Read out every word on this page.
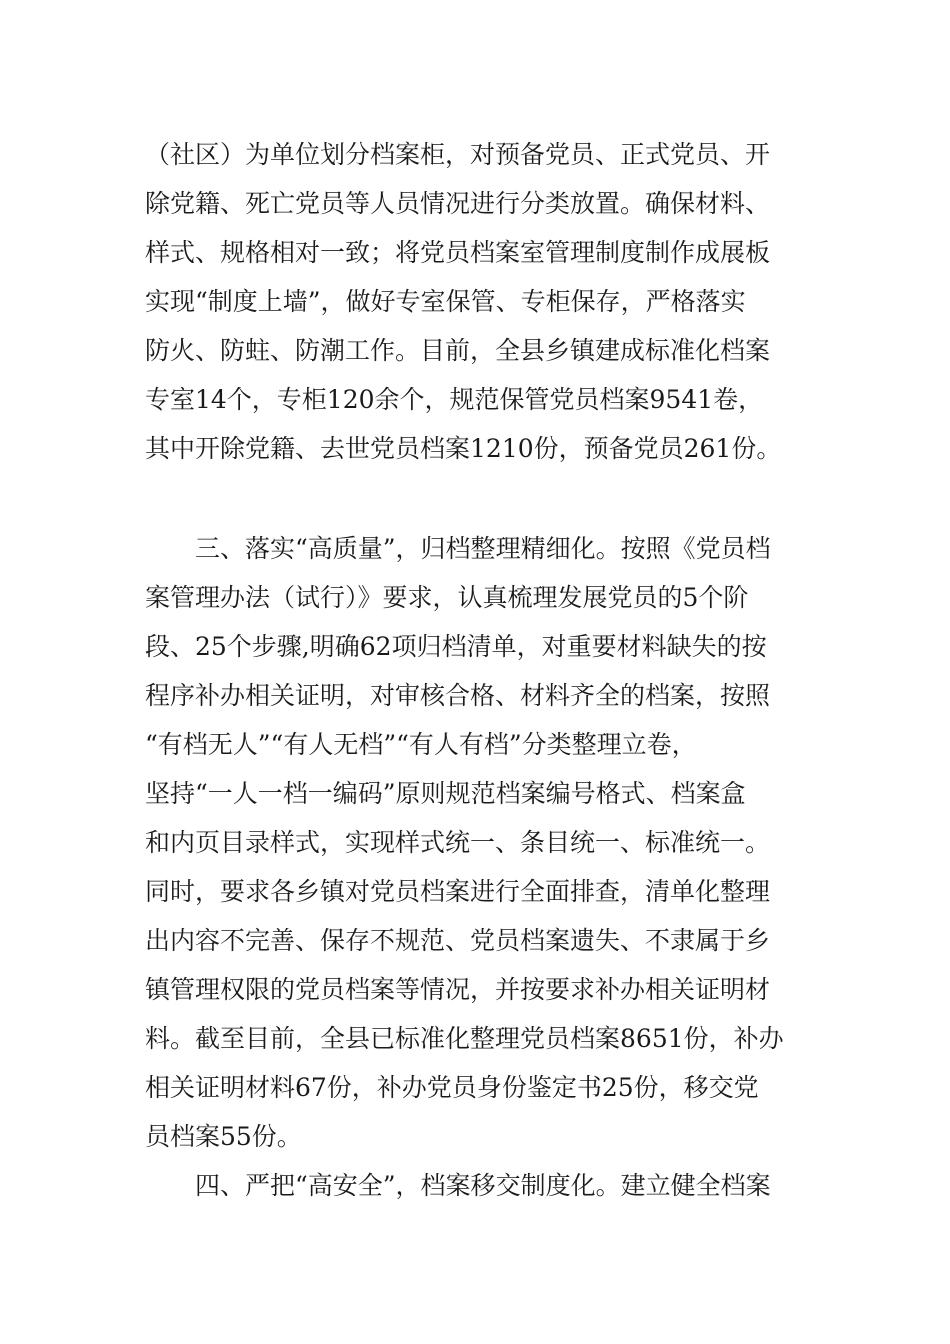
（社区）为单位划分档案柜，对预备党员、正式党员、开
除党籍、死亡党员等人员情况进行分类放置。确保材料、
样式、规格相对一致；将党员档案室管理制度制作成展板
实现“制度上墙”，做好专室保管、专柜保存，严格落实
防火、防蛀、防潮工作。目前，全县乡镇建成标准化档案
专室14个，专柜120余个，规范保管党员档案9541卷，
其中开除党籍、去世党员档案1210份，预备党员261份。
三、落实“高质量”，归档整理精细化。按照《党员档
案管理办法（试行）》要求，认真梳理发展党员的5个阶
段、25个步骤,明确62项归档清单，对重要材料缺失的按
程序补办相关证明，对审核合格、材料齐全的档案，按照
“有档无人”“有人无档”“有人有档”分类整理立卷，
坚持“一人一档一编码”原则规范档案编号格式、档案盒
和内页目录样式，实现样式统一、条目统一、标准统一。
同时，要求各乡镇对党员档案进行全面排查，清单化整理
出内容不完善、保存不规范、党员档案遗失、不隶属于乡
镇管理权限的党员档案等情况，并按要求补办相关证明材
料。截至目前，全县已标准化整理党员档案8651份，补办
相关证明材料67份，补办党员身份鉴定书25份，移交党
员档案55份。
四、严把“高安全”，档案移交制度化。建立健全档案
